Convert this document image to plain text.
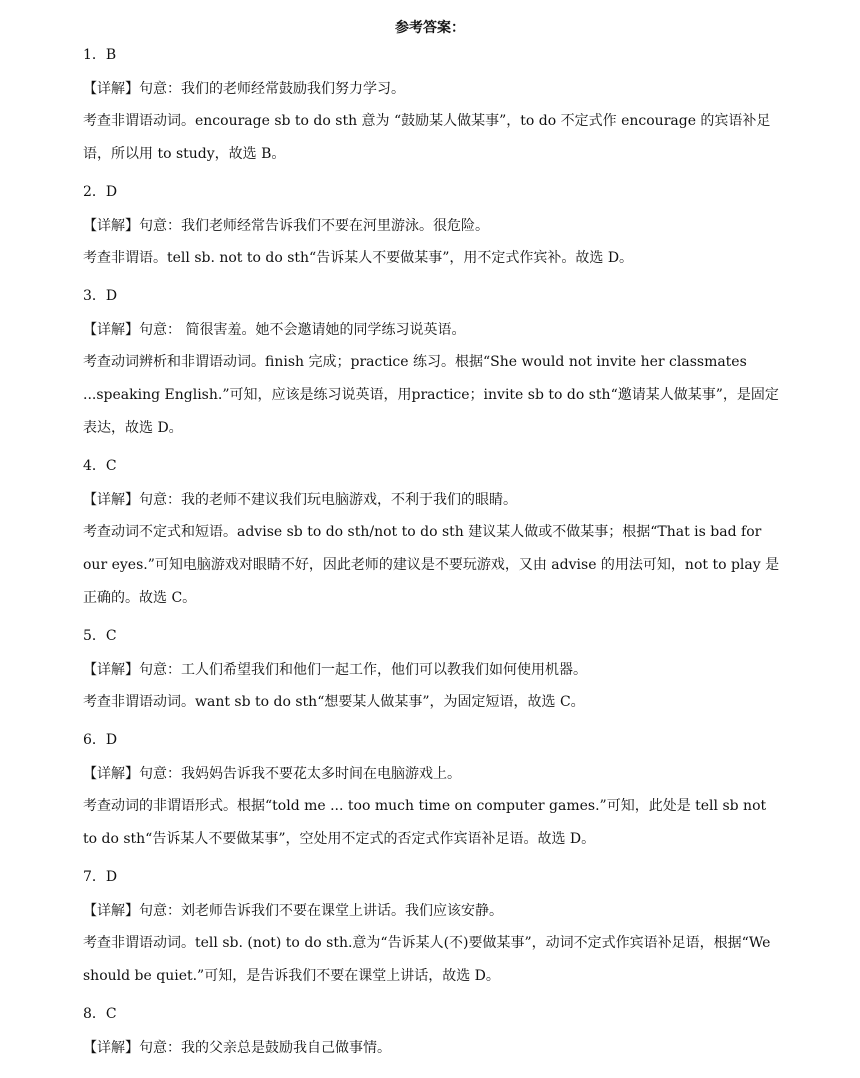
参考答案：
1．B
【详解】句意：我们的老师经常鼓励我们努力学习。
考查非谓语动词。encourage sb to do sth 意为 “鼓励某人做某事”，to do 不定式作 encourage 的宾语补足语，所以用 to study，故选 B。
2．D
【详解】句意：我们老师经常告诉我们不要在河里游泳。很危险。
考查非谓语。tell sb. not to do sth“告诉某人不要做某事”，用不定式作宾补。故选 D。
3．D
【详解】句意： 简很害羞。她不会邀请她的同学练习说英语。
考查动词辨析和非谓语动词。finish 完成；practice 练习。根据“She would not invite her classmates ...speaking English.”可知，应该是练习说英语，用practice；invite sb to do sth“邀请某人做某事”，是固定表达，故选 D。
4．C
【详解】句意：我的老师不建议我们玩电脑游戏，不利于我们的眼睛。
考查动词不定式和短语。advise sb to do sth/not to do sth 建议某人做或不做某事；根据“That is bad for our eyes.”可知电脑游戏对眼睛不好，因此老师的建议是不要玩游戏，又由 advise 的用法可知，not to play 是正确的。故选 C。
5．C
【详解】句意：工人们希望我们和他们一起工作，他们可以教我们如何使用机器。
考查非谓语动词。want sb to do sth“想要某人做某事”，为固定短语，故选 C。
6．D
【详解】句意：我妈妈告诉我不要花太多时间在电脑游戏上。
考查动词的非谓语形式。根据“told me ... too much time on computer games.”可知，此处是 tell sb not to do sth“告诉某人不要做某事”，空处用不定式的否定式作宾语补足语。故选 D。
7．D
【详解】句意：刘老师告诉我们不要在课堂上讲话。我们应该安静。
考查非谓语动词。tell sb. (not) to do sth.意为“告诉某人(不)要做某事”，动词不定式作宾语补足语，根据“We should be quiet.”可知，是告诉我们不要在课堂上讲话，故选 D。
8．C
【详解】句意：我的父亲总是鼓励我自己做事情。
